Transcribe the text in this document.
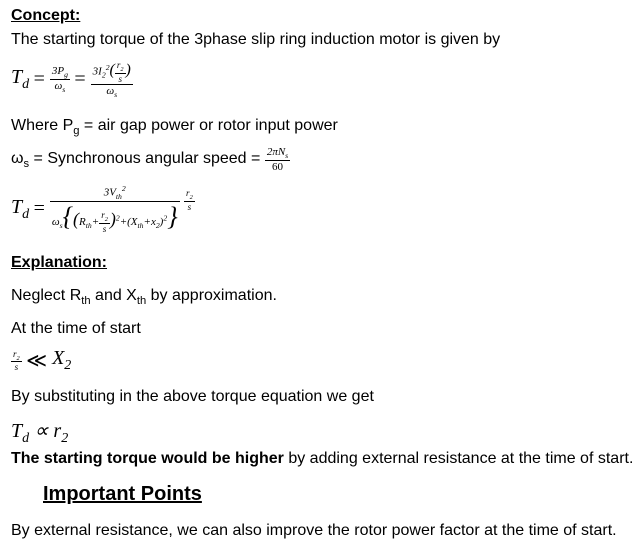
Concept:
The starting torque of the 3phase slip ring induction motor is given by
$T_d = \frac{3P_g}{\omega_s} = \frac{3I_2^2( \frac{r_2}{s} )}{\omega_s}$
Where $P_g$ = air gap power or rotor input power
$\omega_s$ = Synchronous angular speed = $\frac{2\pi N_s}{60}$
$T_d$ =
$3V_{th}^2$
$\omega_s\{(R_{th}+ \frac{r_2}{s} )^2+(X_{th}+x_2)^2\}$

$\frac{r_2}{s}$
Explanation:
Neglect $R_{th}$ and $X_{th}$ by approximation.
At the time of start
$\frac{r_2}{s}$ ≪ $X_2$
By substituting in the above torque equation we get
$T_d \propto r_2$
The starting torque would be higher by adding external resistance at the time of start.
Important Points
By external resistance, we can also improve the rotor power factor at the time of start.
